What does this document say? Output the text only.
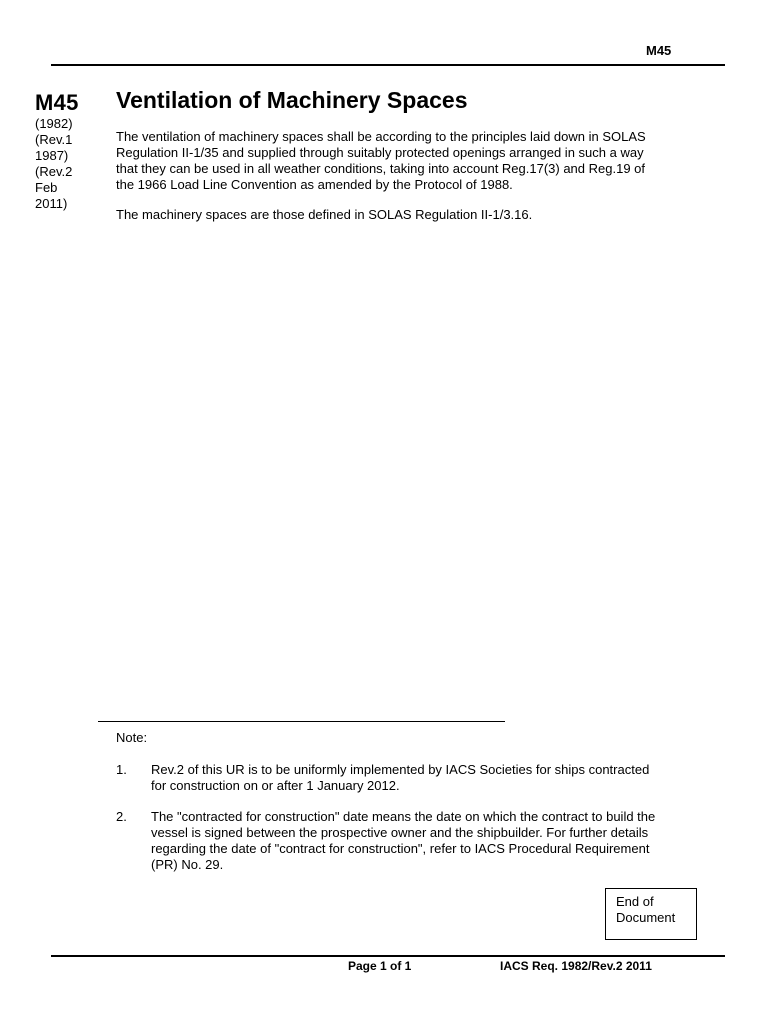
M45
M45
(1982)
(Rev.1
1987)
(Rev.2
Feb
2011)
Ventilation of Machinery Spaces
The ventilation of machinery spaces shall be according to the principles laid down in SOLAS
Regulation II-1/35 and supplied through suitably protected openings arranged in such a way
that they can be used in all weather conditions, taking into account Reg.17(3) and Reg.19 of
the 1966 Load Line Convention as amended by the Protocol of 1988.
The machinery spaces are those defined in SOLAS Regulation II-1/3.16.
Note:
1. Rev.2 of this UR is to be uniformly implemented by IACS Societies for ships contracted
for construction on or after 1 January 2012.
2. The "contracted for construction" date means the date on which the contract to build the
vessel is signed between the prospective owner and the shipbuilder. For further details
regarding the date of "contract for construction", refer to IACS Procedural Requirement
(PR) No. 29.
End of
Document
Page 1 of 1	IACS Req. 1982/Rev.2 2011
